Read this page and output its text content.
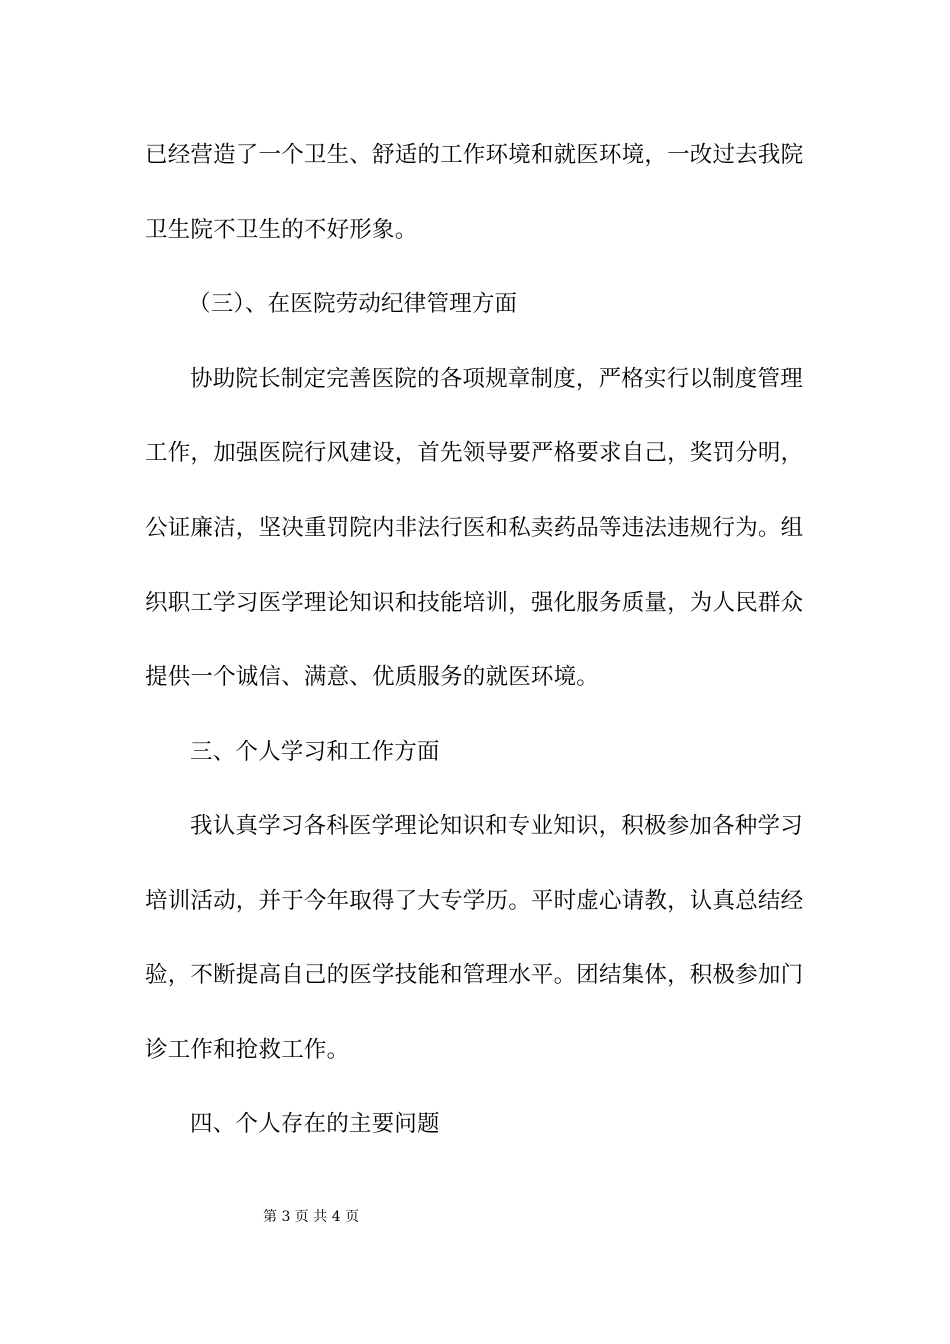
已经营造了一个卫生、舒适的工作环境和就医环境，一改过去我院
卫生院不卫生的不好形象。
（三）、在医院劳动纪律管理方面
协助院长制定完善医院的各项规章制度，严格实行以制度管理
工作，加强医院行风建设，首先领导要严格要求自己，奖罚分明，
公证廉洁，坚决重罚院内非法行医和私卖药品等违法违规行为。组
织职工学习医学理论知识和技能培训，强化服务质量，为人民群众
提供一个诚信、满意、优质服务的就医环境。
三、个人学习和工作方面
我认真学习各科医学理论知识和专业知识，积极参加各种学习
培训活动，并于今年取得了大专学历。平时虚心请教，认真总结经
验，不断提高自己的医学技能和管理水平。团结集体，积极参加门
诊工作和抢救工作。
四、个人存在的主要问题
第 3 页 共 4 页
